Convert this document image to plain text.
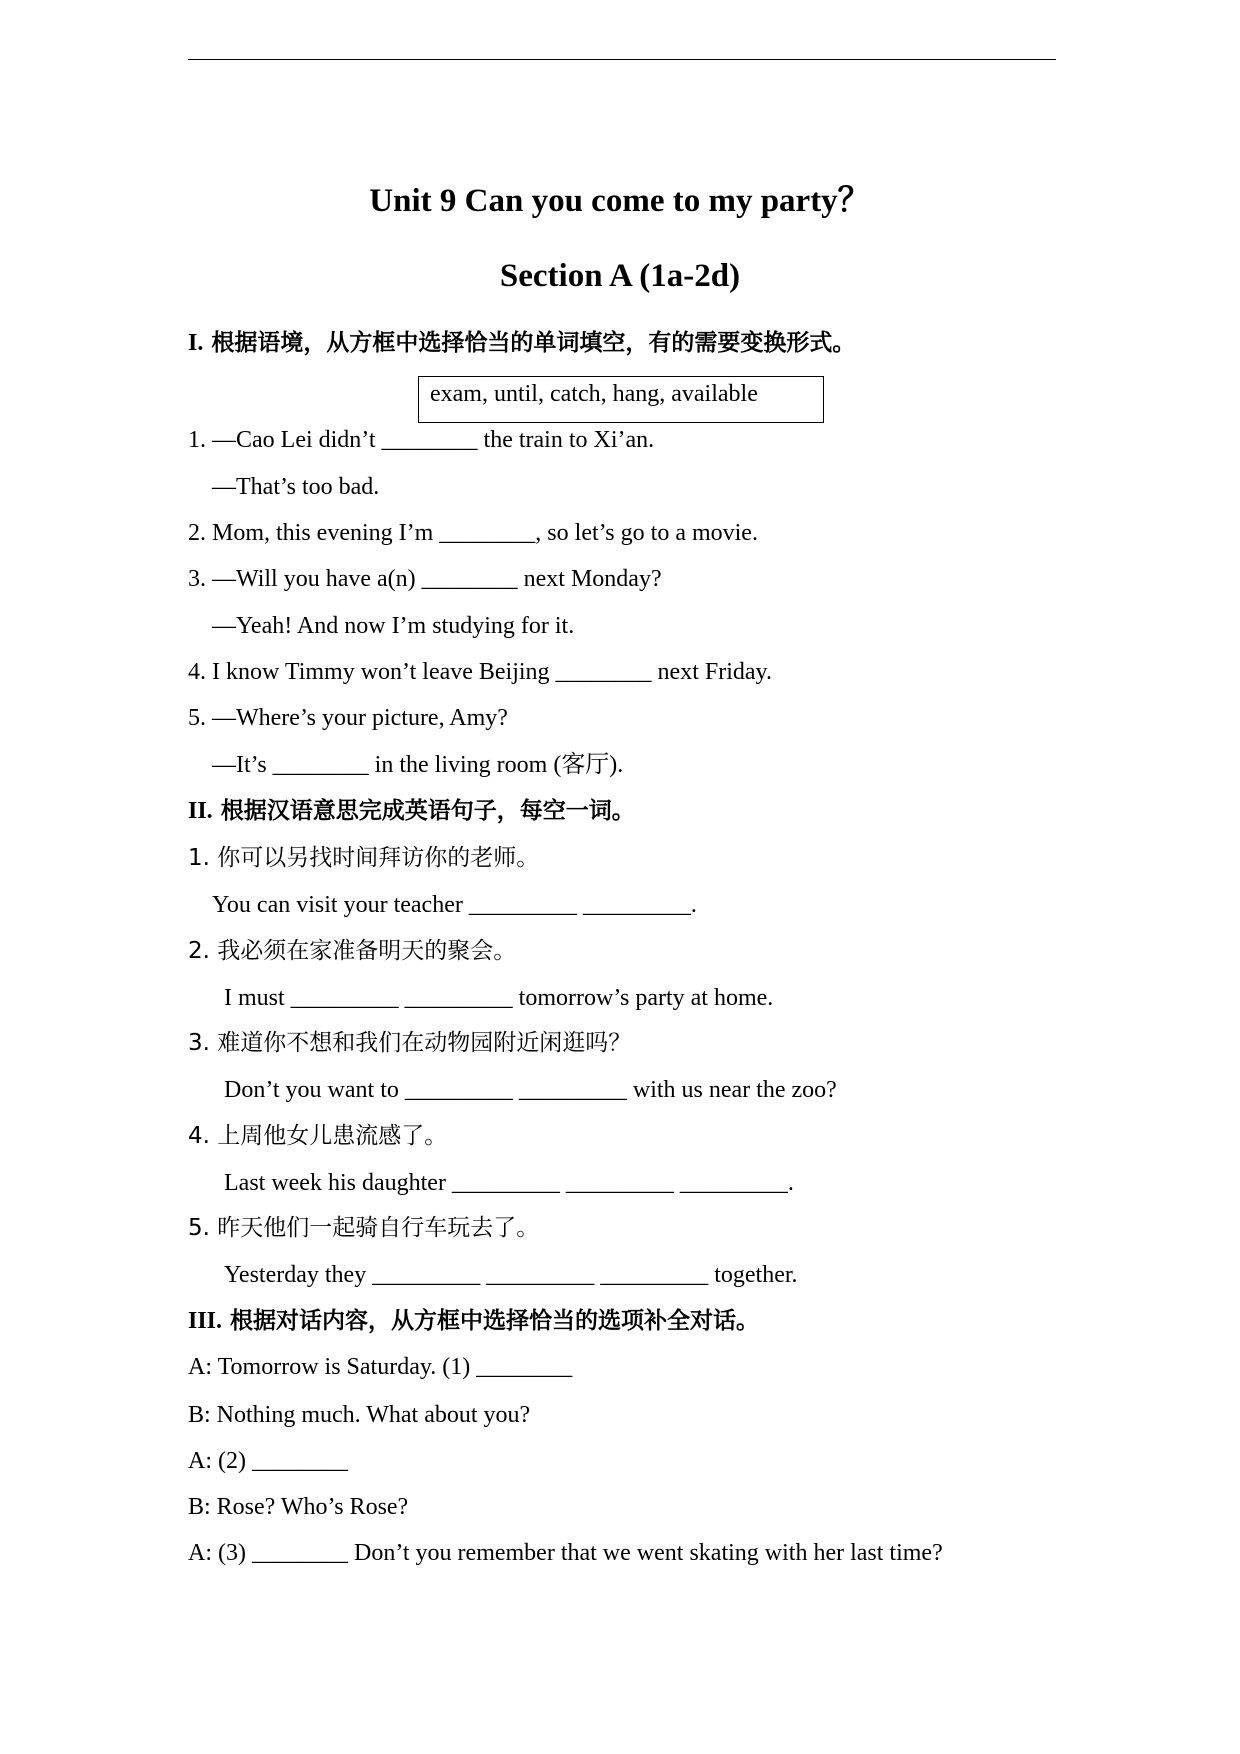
Unit 9 Can you come to my party？
Section A (1a-2d)
I. 根据语境，从方框中选择恰当的单词填空，有的需要变换形式。
exam, until, catch, hang, available
1. —Cao Lei didn’t ________ the train to Xi’an.
—That’s too bad.
2. Mom, this evening I’m ________, so let’s go to a movie.
3. —Will you have a(n) ________ next Monday?
—Yeah! And now I’m studying for it.
4. I know Timmy won’t leave Beijing ________ next Friday.
5. —Where’s your picture, Amy?
—It’s ________ in the living room (客厅).
II. 根据汉语意思完成英语句子，每空一词。
1. 你可以另找时间拜访你的老师。
You can visit your teacher _________ _________.
2. 我必须在家准备明天的聚会。
I must _________ _________ tomorrow’s party at home.
3. 难道你不想和我们在动物园附近闲逛吗？
Don’t you want to _________ _________ with us near the zoo?
4. 上周他女儿患流感了。
Last week his daughter _________ _________ _________.
5. 昨天他们一起骑自行车玩去了。
Yesterday they _________ _________ _________ together.
III. 根据对话内容，从方框中选择恰当的选项补全对话。
A: Tomorrow is Saturday. (1) ________
B: Nothing much. What about you?
A: (2) ________
B: Rose? Who’s Rose?
A: (3) ________ Don’t you remember that we went skating with her last time?
